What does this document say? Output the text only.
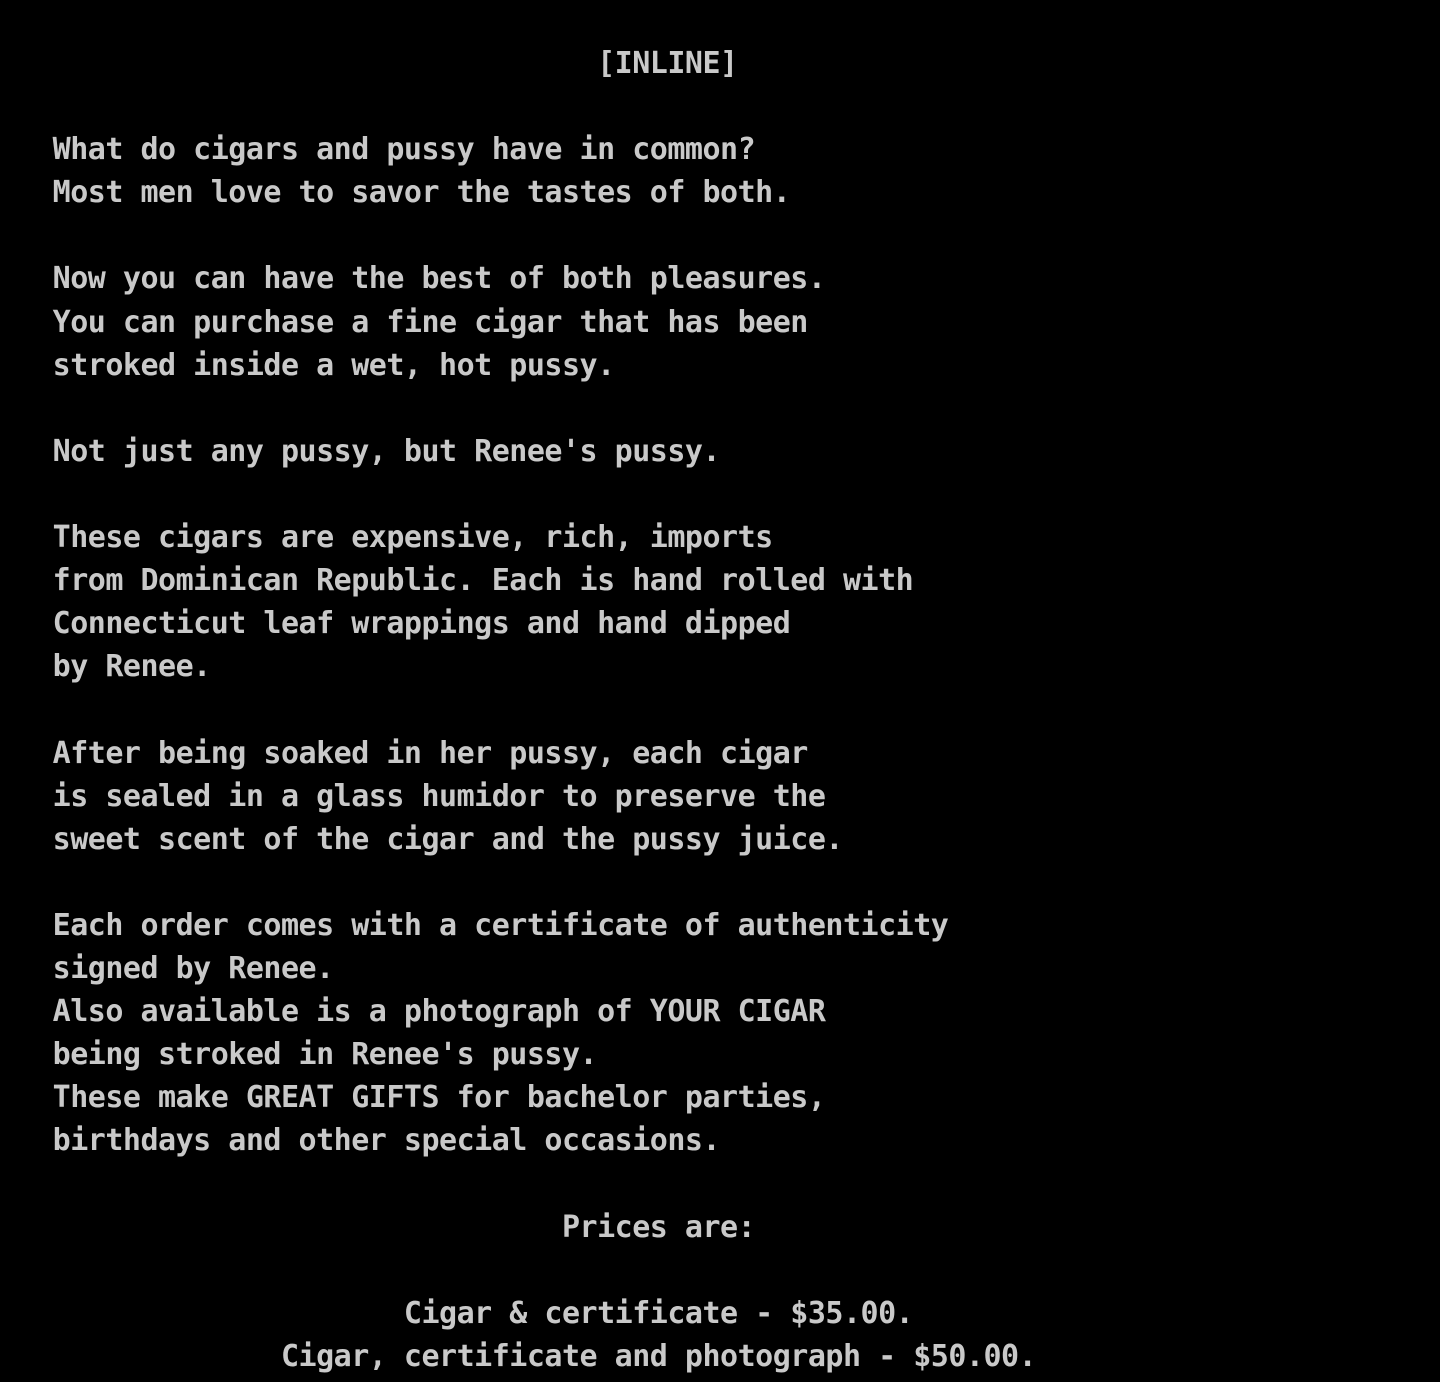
[INLINE]
What do cigars and pussy have in common?
Most men love to savor the tastes of both.
Now you can have the best of both pleasures.
You can purchase a fine cigar that has been
stroked inside a wet, hot pussy.
Not just any pussy, but Renee's pussy.
These cigars are expensive, rich, imports
from Dominican Republic. Each is hand rolled with
Connecticut leaf wrappings and hand dipped
by Renee.
After being soaked in her pussy, each cigar
is sealed in a glass humidor to preserve the
sweet scent of the cigar and the pussy juice.
Each order comes with a certificate of authenticity
signed by Renee.
Also available is a photograph of YOUR CIGAR
being stroked in Renee's pussy.
These make GREAT GIFTS for bachelor parties,
birthdays and other special occasions.
Prices are:
Cigar & certificate - $35.00.
Cigar, certificate and photograph - $50.00.
